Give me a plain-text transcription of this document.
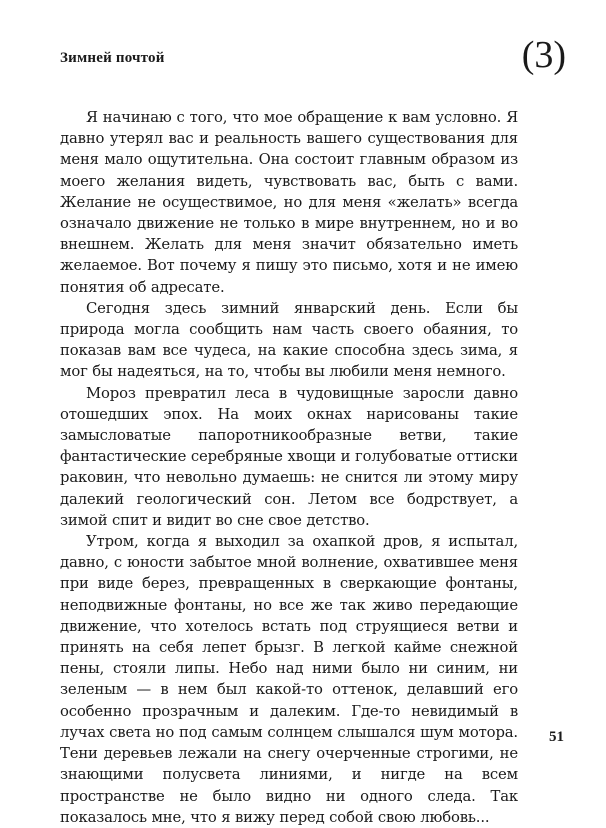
Зимней почтой	(3)

Я начинаю с того, что мое обращение к вам условно. Я давно утерял вас и реальность вашего существования для меня мало ощутительна. Она состоит главным образом из моего желания видеть, чувствовать вас, быть с вами. Желание не осуществимое, но для меня «желать» всегда означало движение не только в мире внутреннем, но и во внешнем. Желать для меня значит обязательно иметь желаемое. Вот почему я пишу это письмо, хотя и не имею понятия об адресате.

Сегодня здесь зимний январский день. Если бы природа могла сообщить нам часть своего обаяния, то показав вам все чудеса, на какие способна здесь зима, я мог бы надеяться, на то, чтобы вы любили меня немного.

Мороз превратил леса в чудовищные заросли давно отошедших эпох. На моих окнах нарисованы такие замысловатые папоротникообразные ветви, такие фантастические серебряные хвощи и голубоватые оттиски раковин, что невольно думаешь: не снится ли этому миру далекий геологический сон. Летом все бодрствует, а зимой спит и видит во сне свое детство.

Утром, когда я выходил за охапкой дров, я испытал, давно, с юности забытое мной волнение, охватившее меня при виде берез, превращенных в сверкающие фонтаны, неподвижные фонтаны, но все же так живо передающие движение, что хотелось встать под струящиеся ветви и принять на себя лепет брызг. В легкой кайме снежной пены, стояли липы. Небо над ними было ни синим, ни зеленым — в нем был какой-то оттенок, делавший его особенно прозрачным и далеким. Где-то невидимый в лучах света но под самым солнцем слышался шум мотора. Тени деревьев лежали на снегу очерченные строгими, не знающими полусвета линиями, и нигде на всем пространстве не было видно ни одного следа. Так показалось мне, что я вижу перед собой свою любовь...

51
